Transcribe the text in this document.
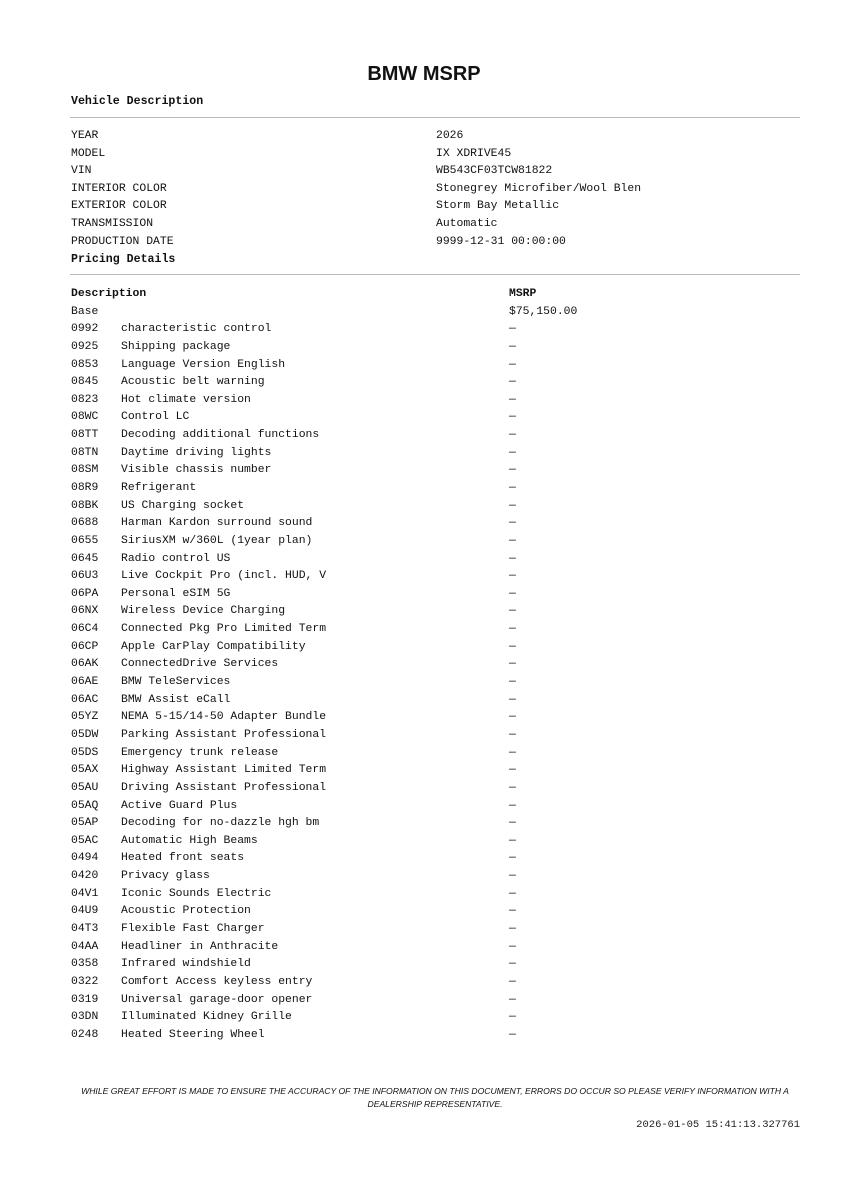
BMW MSRP
Vehicle Description
YEAR	2026
MODEL	IX XDRIVE45
VIN	WB543CF03TCW81822
INTERIOR COLOR	Stonegrey Microfiber/Wool Blen
EXTERIOR COLOR	Storm Bay Metallic
TRANSMISSION	Automatic
PRODUCTION DATE	9999-12-31 00:00:00
Pricing Details
Description	MSRP
Base	$75,150.00
0992 characteristic control	—
0925 Shipping package	—
0853 Language Version English	—
0845 Acoustic belt warning	—
0823 Hot climate version	—
08WC Control LC	—
08TT Decoding additional functions	—
08TN Daytime driving lights	—
08SM Visible chassis number	—
08R9 Refrigerant	—
08BK US Charging socket	—
0688 Harman Kardon surround sound	—
0655 SiriusXM w/360L (1year plan)	—
0645 Radio control US	—
06U3 Live Cockpit Pro (incl. HUD, V	—
06PA Personal eSIM 5G	—
06NX Wireless Device Charging	—
06C4 Connected Pkg Pro Limited Term	—
06CP Apple CarPlay Compatibility	—
06AK ConnectedDrive Services	—
06AE BMW TeleServices	—
06AC BMW Assist eCall	—
05YZ NEMA 5-15/14-50 Adapter Bundle	—
05DW Parking Assistant Professional	—
05DS Emergency trunk release	—
05AX Highway Assistant Limited Term	—
05AU Driving Assistant Professional	—
05AQ Active Guard Plus	—
05AP Decoding for no-dazzle hgh bm	—
05AC Automatic High Beams	—
0494 Heated front seats	—
0420 Privacy glass	—
04V1 Iconic Sounds Electric	—
04U9 Acoustic Protection	—
04T3 Flexible Fast Charger	—
04AA Headliner in Anthracite	—
0358 Infrared windshield	—
0322 Comfort Access keyless entry	—
0319 Universal garage-door opener	—
03DN Illuminated Kidney Grille	—
0248 Heated Steering Wheel	—
WHILE GREAT EFFORT IS MADE TO ENSURE THE ACCURACY OF THE INFORMATION ON THIS DOCUMENT, ERRORS DO OCCUR SO PLEASE VERIFY INFORMATION WITH A DEALERSHIP REPRESENTATIVE.
2026-01-05 15:41:13.327761
